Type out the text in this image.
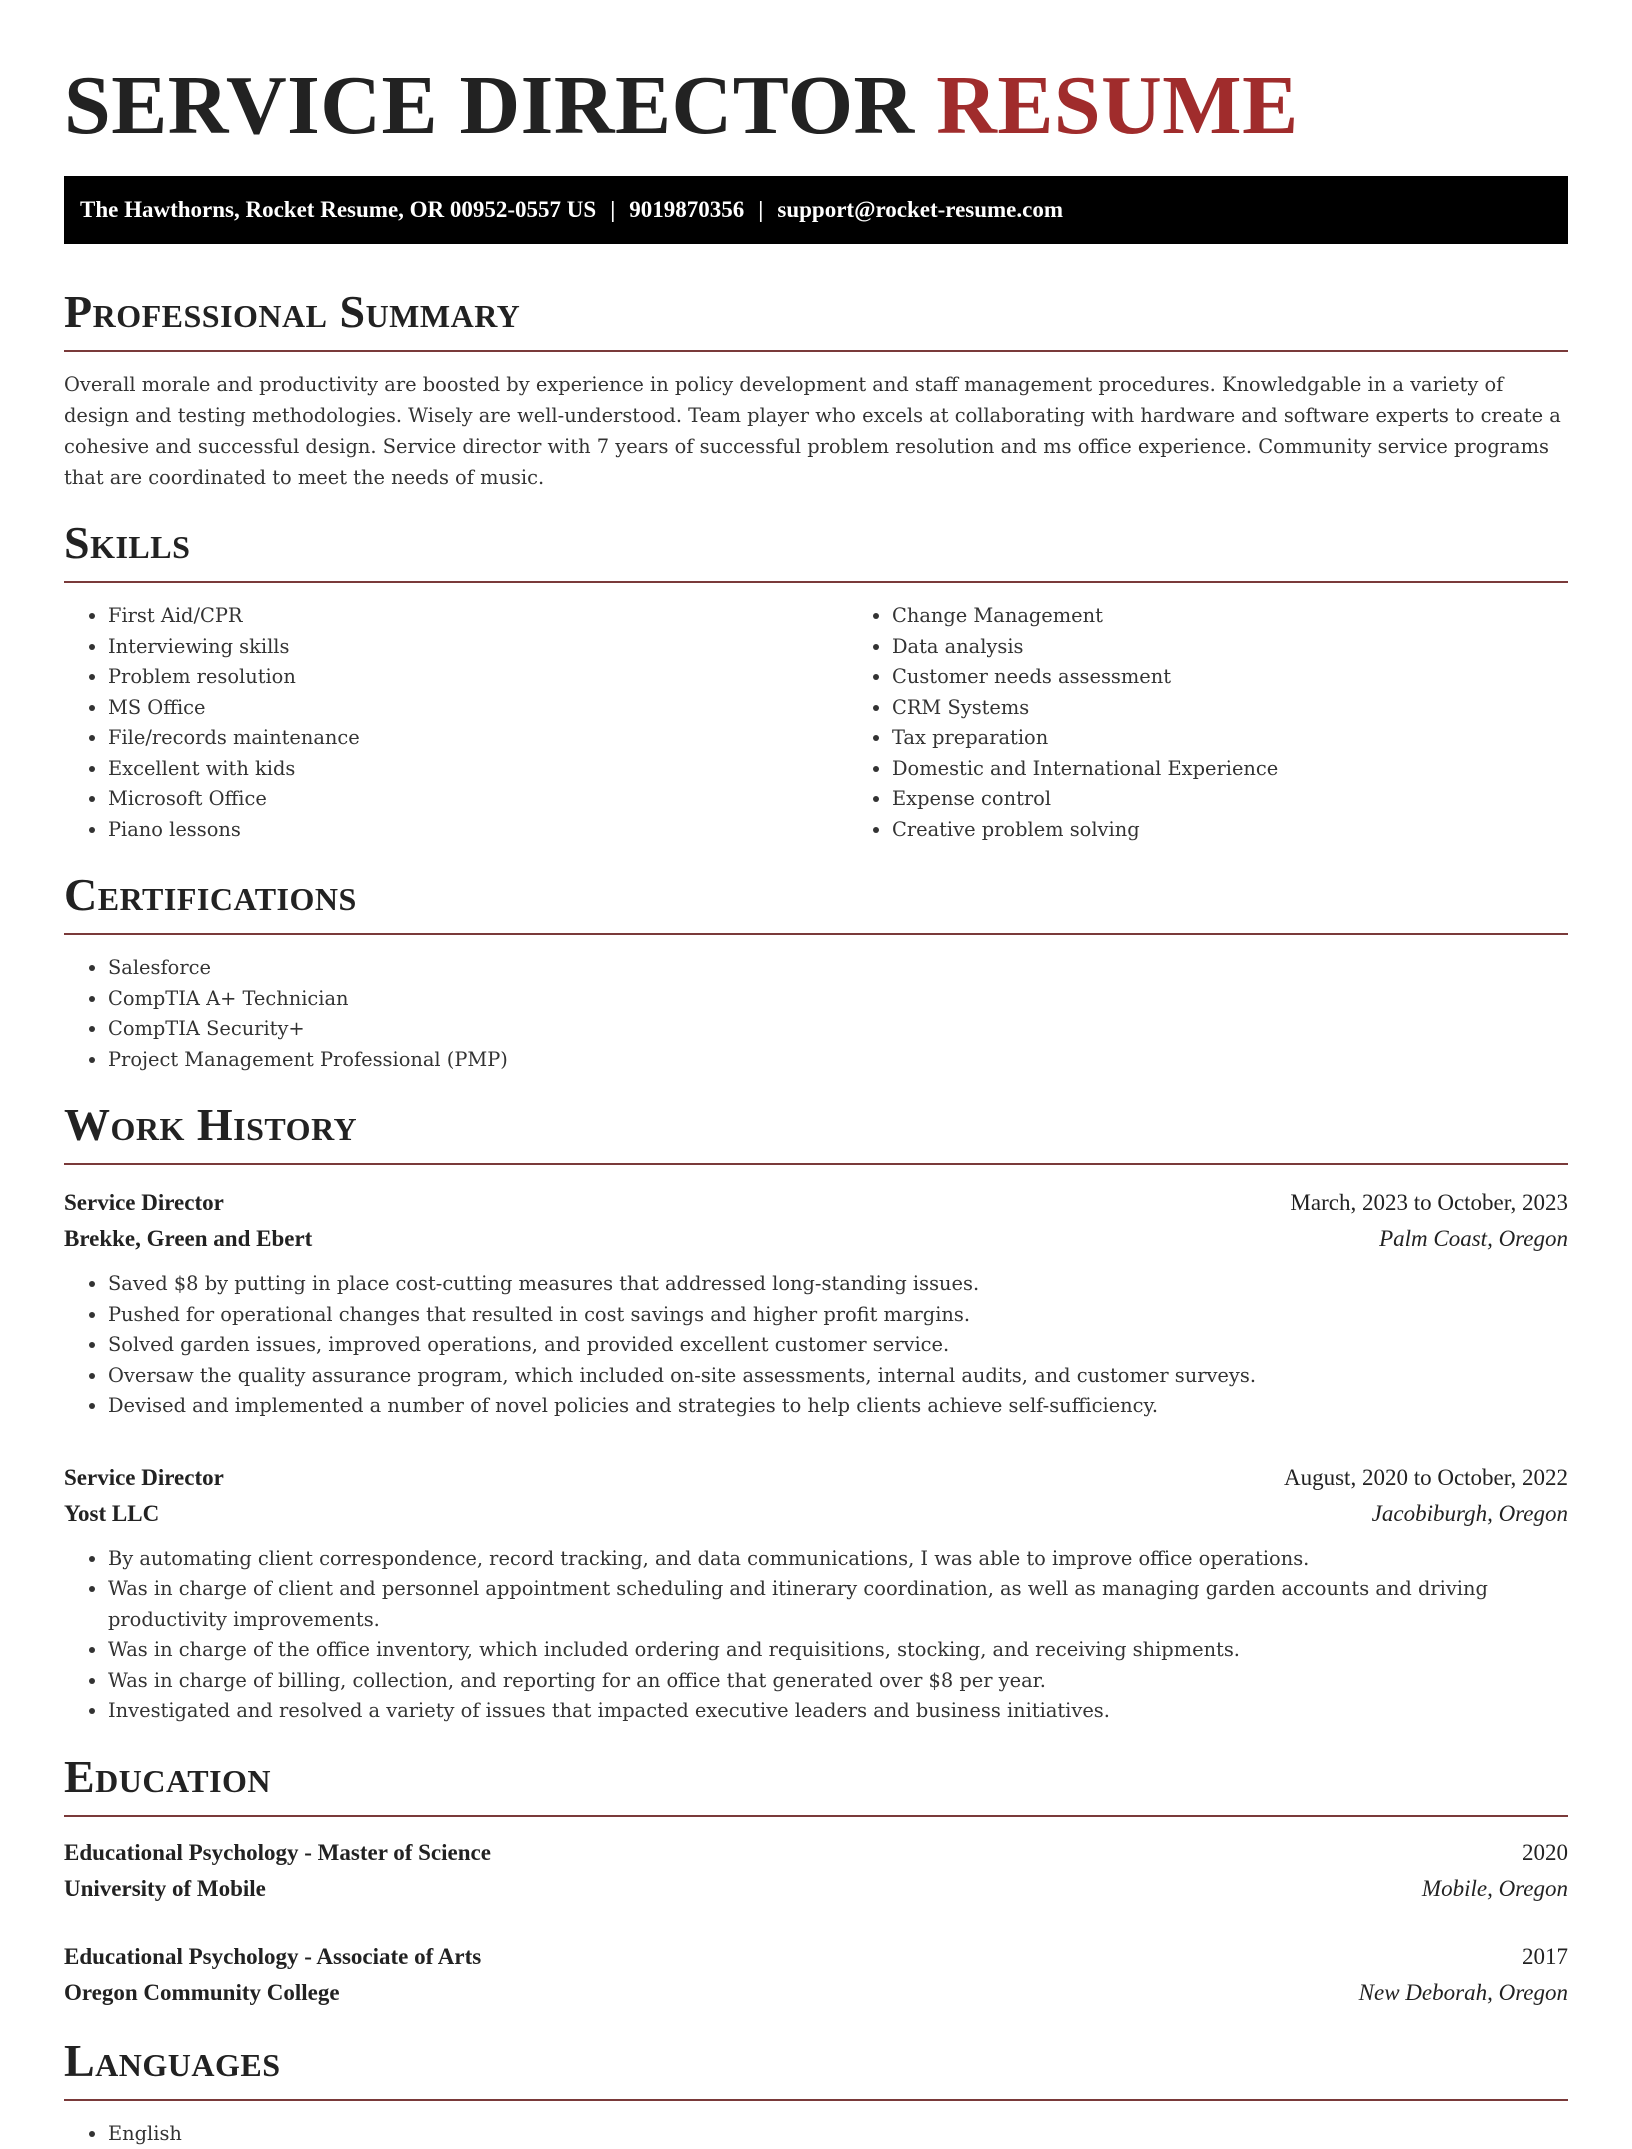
SERVICE DIRECTOR RESUME
The Hawthorns, Rocket Resume, OR 00952-0557 US | 9019870356 | support@rocket-resume.com
Professional Summary

Overall morale and productivity are boosted by experience in policy development and staff management procedures. Knowledgable in a variety of design and testing methodologies. Wisely are well-understood. Team player who excels at collaborating with hardware and software experts to create a cohesive and successful design. Service director with 7 years of successful problem resolution and ms office experience. Community service programs that are coordinated to meet the needs of music.

Skills
• First Aid/CPR
• Interviewing skills
• Problem resolution
• MS Office
• File/records maintenance
• Excellent with kids
• Microsoft Office
• Piano lessons
• Change Management
• Data analysis
• Customer needs assessment
• CRM Systems
• Tax preparation
• Domestic and International Experience
• Expense control
• Creative problem solving
Certifications
• Salesforce
• CompTIA A+ Technician
• CompTIA Security+
• Project Management Professional (PMP)
Work History
Service Director	March, 2023 to October, 2023
Brekke, Green and Ebert	Palm Coast, Oregon
• Saved $8 by putting in place cost-cutting measures that addressed long-standing issues.
• Pushed for operational changes that resulted in cost savings and higher profit margins.
• Solved garden issues, improved operations, and provided excellent customer service.
• Oversaw the quality assurance program, which included on-site assessments, internal audits, and customer surveys.
• Devised and implemented a number of novel policies and strategies to help clients achieve self-sufficiency.
Service Director	August, 2020 to October, 2022
Yost LLC	Jacobiburgh, Oregon
• By automating client correspondence, record tracking, and data communications, I was able to improve office operations.
• Was in charge of client and personnel appointment scheduling and itinerary coordination, as well as managing garden accounts and driving productivity improvements.
• Was in charge of the office inventory, which included ordering and requisitions, stocking, and receiving shipments.
• Was in charge of billing, collection, and reporting for an office that generated over $8 per year.
• Investigated and resolved a variety of issues that impacted executive leaders and business initiatives.
Education
Educational Psychology - Master of Science	2020
University of Mobile	Mobile, Oregon
Educational Psychology - Associate of Arts	2017
Oregon Community College	New Deborah, Oregon
Languages
• English
